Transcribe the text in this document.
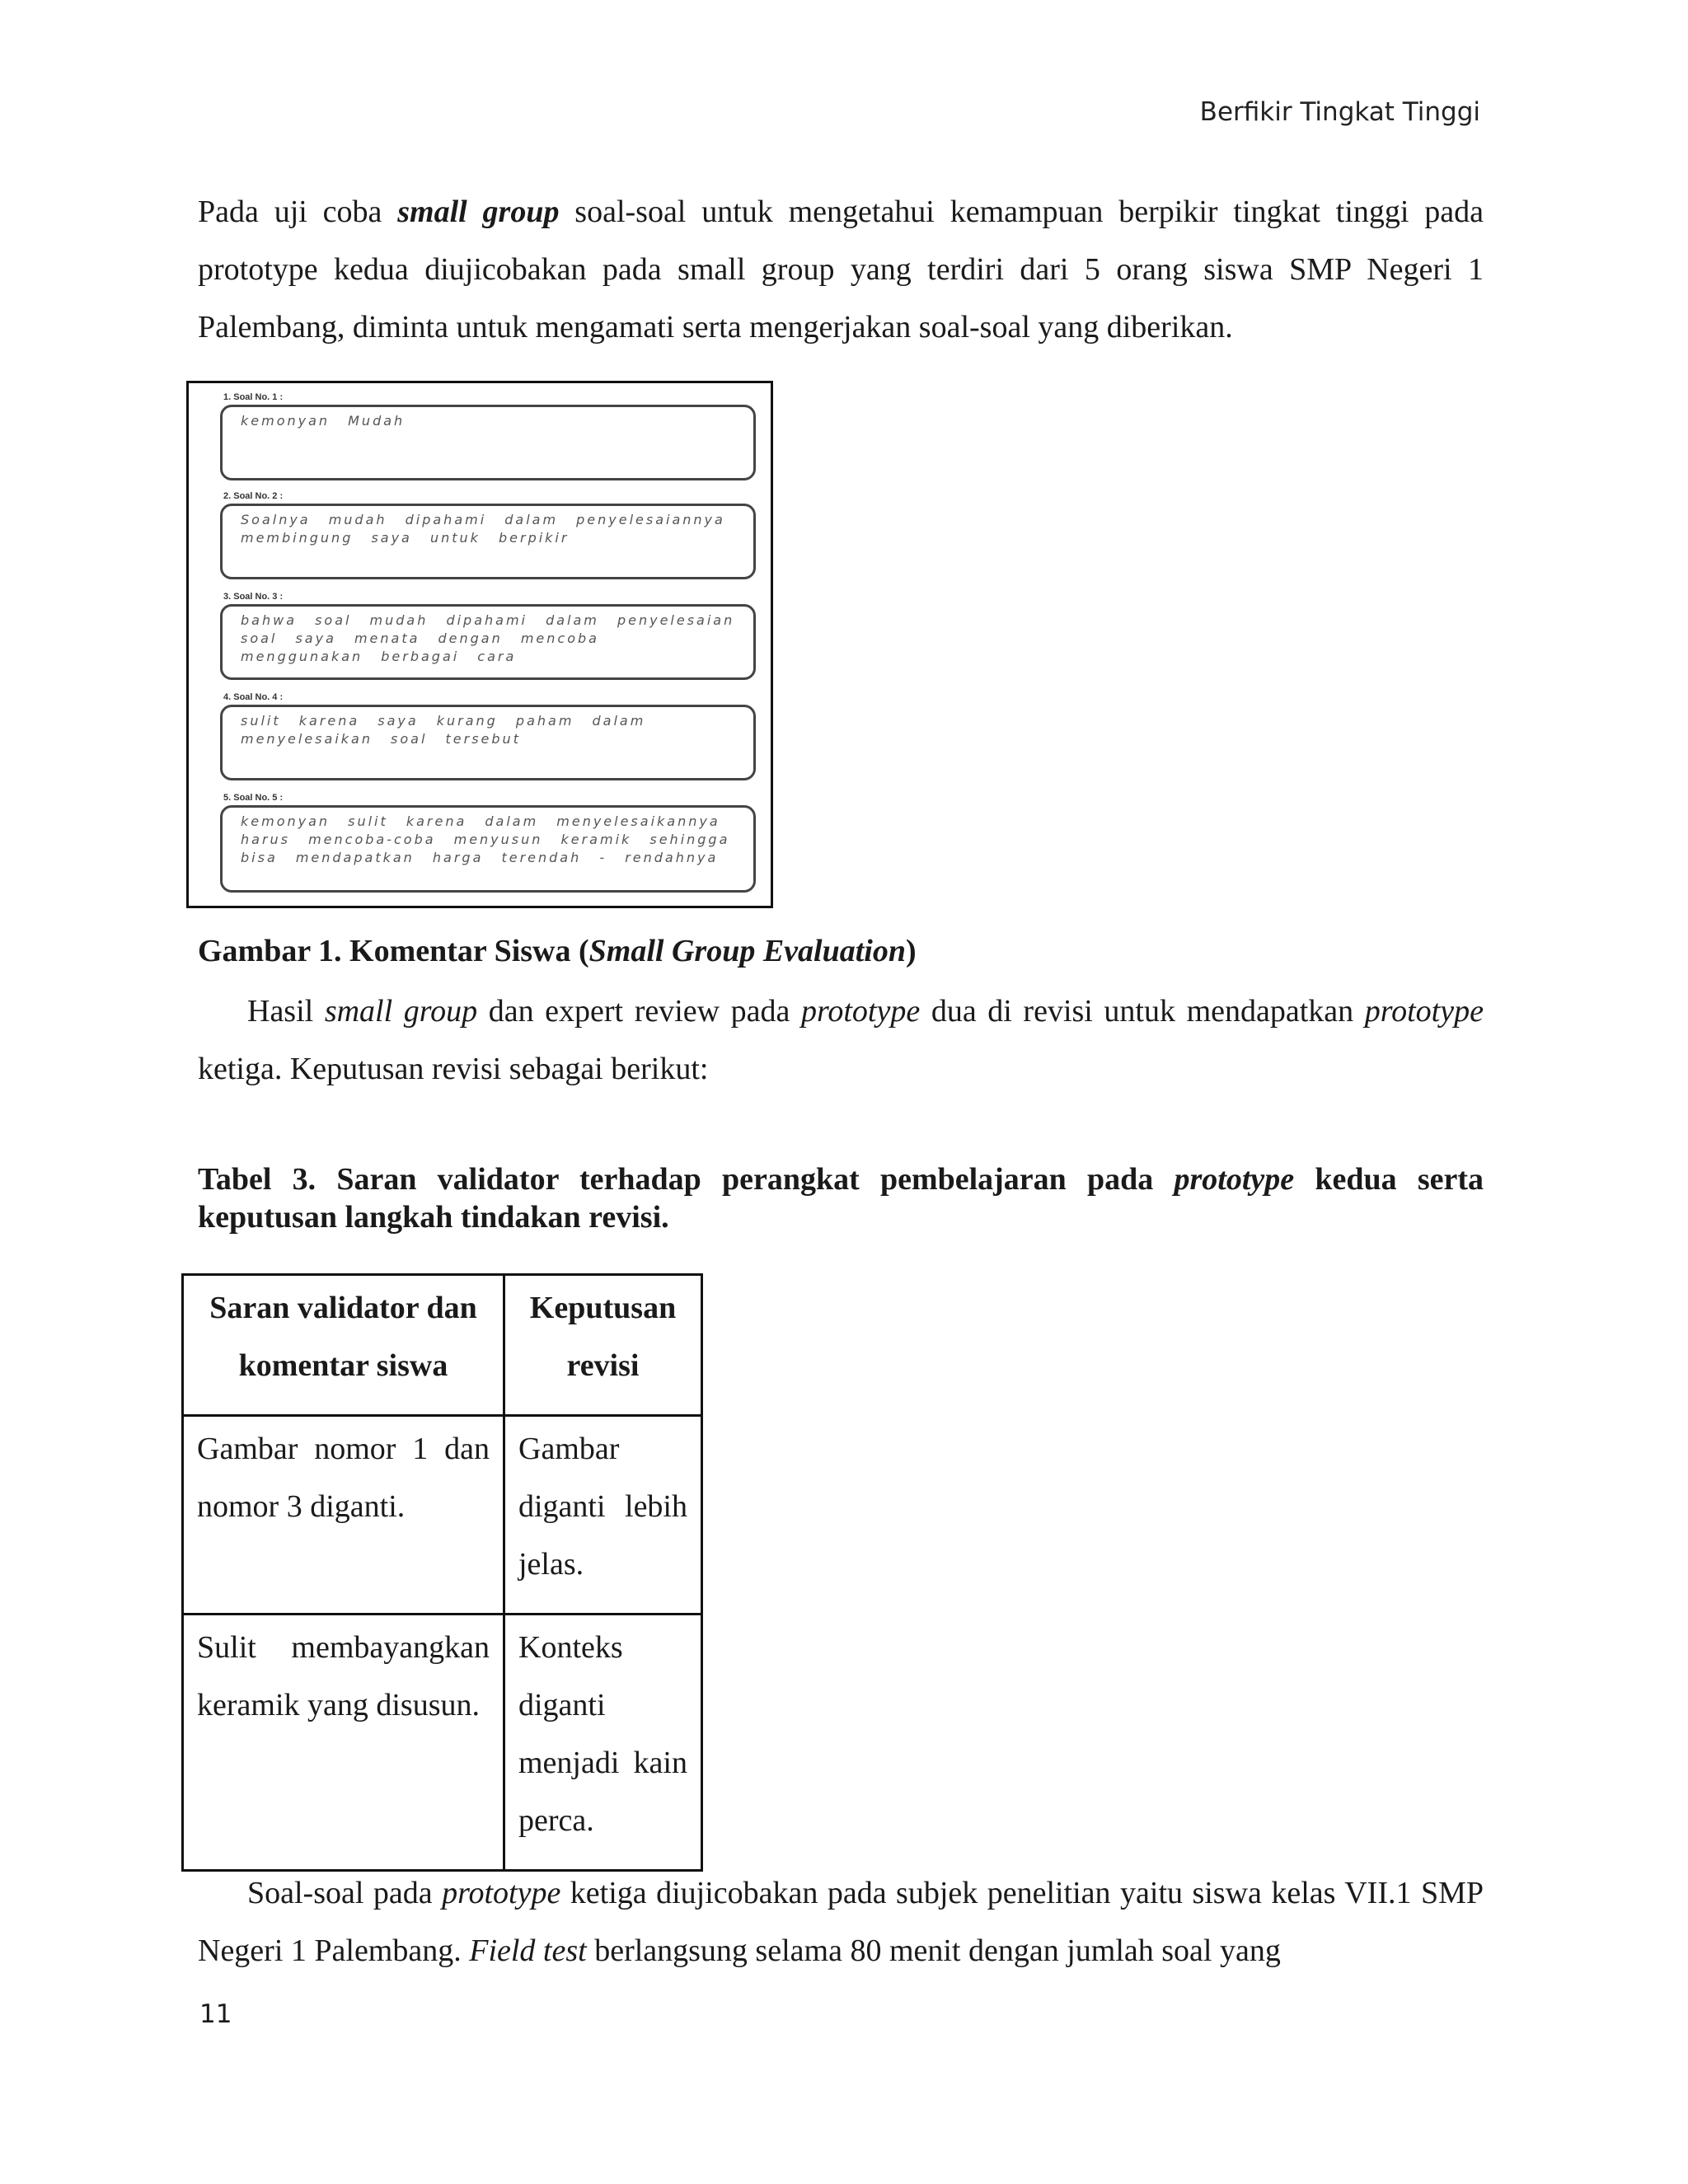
Berfikir Tingkat Tinggi

Pada uji coba small group soal-soal untuk mengetahui kemampuan berpikir tingkat tinggi pada prototype kedua diujicobakan pada small group yang terdiri dari 5 orang siswa SMP Negeri 1 Palembang, diminta untuk mengamati serta mengerjakan soal-soal yang diberikan.

1. Soal No. 1 :
kemonyan Mudah
2. Soal No. 2 :
Soalnya mudah dipahami dalam penyelesaiannya membingung saya untuk berpikir
3. Soal No. 3 :
bahwa soal mudah dipahami dalam penyelesaian soal saya menata dengan mencoba menggunakan berbagai cara
4. Soal No. 4 :
sulit karena saya kurang paham dalam menyelesaikan soal tersebut
5. Soal No. 5 :
kemonyan sulit karena dalam menyelesaikannya harus mencoba-coba menyusun keramik sehingga bisa mendapatkan harga terendah - rendahnya

Gambar 1. Komentar Siswa (Small Group Evaluation)

Hasil small group dan expert review pada prototype dua di revisi untuk mendapatkan prototype ketiga. Keputusan revisi sebagai berikut:

Tabel 3. Saran validator terhadap perangkat pembelajaran pada prototype kedua serta keputusan langkah tindakan revisi.

Saran validator dan komentar siswa	Keputusan revisi
Gambar nomor 1 dan nomor 3 diganti.	Gambar diganti lebih jelas.
Sulit membayangkan keramik yang disusun.	Konteks diganti menjadi kain perca.

Soal-soal pada prototype ketiga diujicobakan pada subjek penelitian yaitu siswa kelas VII.1 SMP Negeri 1 Palembang. Field test berlangsung selama 80 menit dengan jumlah soal yang

11
